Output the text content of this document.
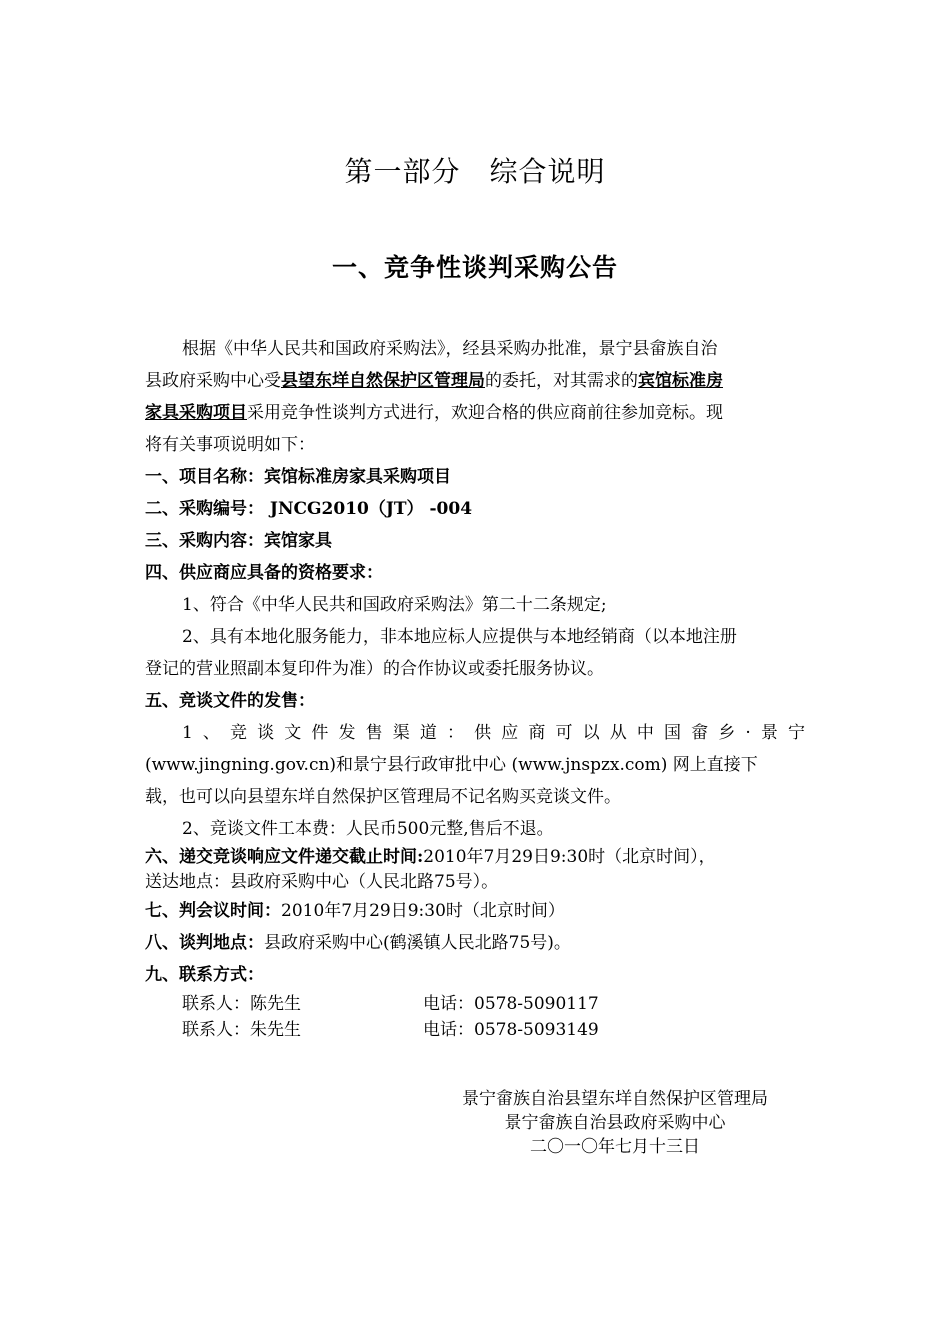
第一部分　综合说明
一、竞争性谈判采购公告
根据《中华人民共和国政府采购法》，经县采购办批准，景宁县畲族自治
县政府采购中心受县望东垟自然保护区管理局的委托，对其需求的宾馆标准房
家具采购项目采用竞争性谈判方式进行，欢迎合格的供应商前往参加竞标。现
将有关事项说明如下：
一、项目名称：宾馆标准房家具采购项目
二、采购编号： JNCG2010（JT） -004
三、采购内容：宾馆家具
四、供应商应具备的资格要求：
1、符合《中华人民共和国政府采购法》第二十二条规定;
2、具有本地化服务能力，非本地应标人应提供与本地经销商（以本地注册
登记的营业照副本复印件为准）的合作协议或委托服务协议。
五、竞谈文件的发售：
1、竞谈文件发售渠道：供应商可以从中国畲乡·景宁
(www.jingning.gov.cn)和景宁县行政审批中心 (www.jnspzx.com) 网上直接下
载，也可以向县望东垟自然保护区管理局不记名购买竞谈文件。
2、竞谈文件工本费：人民币500元整,售后不退。
六、递交竞谈响应文件递交截止时间:2010年7月29日9:30时（北京时间），
送达地点：县政府采购中心（人民北路75号）。
七、判会议时间：2010年7月29日9:30时（北京时间）
八、谈判地点：县政府采购中心(鹤溪镇人民北路75号)。
九、联系方式：
联系人：陈先生	电话：0578-5090117
联系人：朱先生	电话：0578-5093149
景宁畲族自治县望东垟自然保护区管理局
景宁畲族自治县政府采购中心
二〇一〇年七月十三日
